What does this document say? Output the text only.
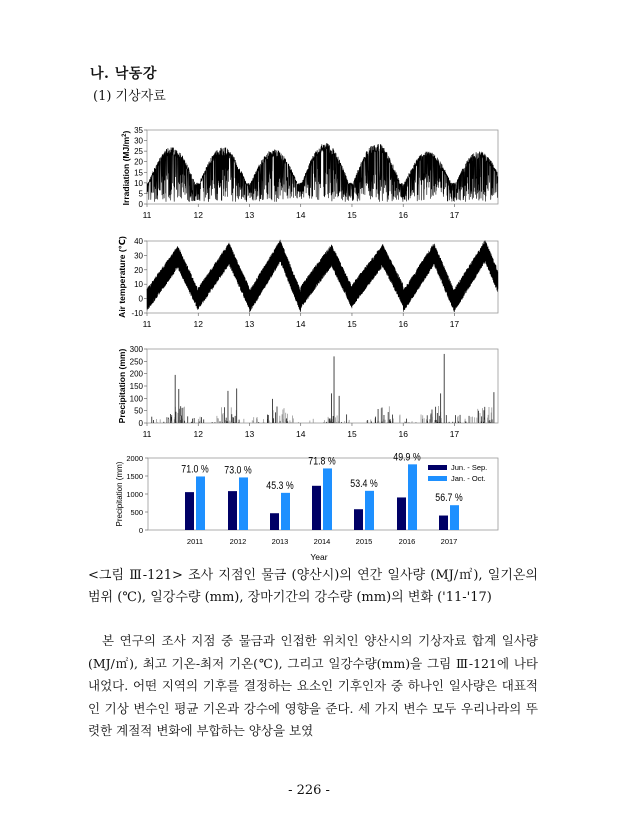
나. 낙동강
(1) 기상자료
0
5
10
15
20
25
30
35
11	12	13	14	15	16	17
Irradiation $(MJ/m^2)$
-10
0
10
20
30
40
11	12	13	14	15	16	17
Air temperature (℃)
0
50
100
150
200
250
300
11	12	13	14	15	16	17
Precipitation (mm)
71.0 % 73.0 %
45.3 %
71.8 %
53.4 %
49.9 %
56.7 %
0
500
1000
1500
2000
2011	2012	2013	2014	2015	2016	2017
Precipitation (mm)
Year
Jun. - Sep.
Jan. - Oct.
<그림 Ⅲ-121> 조사 지점인 물금 (양산시)의 연간 일사량 (MJ/㎡), 일기온의 범위 (℃), 일강수량 (mm), 장마기간의 강수량 (mm)의 변화 ('11-'17)

본 연구의 조사 지점 중 물금과 인접한 위치인 양산시의 기상자료 합계 일사량(MJ/㎡), 최고 기온-최저 기온(℃), 그리고 일강수량(mm)을 그림 Ⅲ-121에 나타내었다. 어떤 지역의 기후를 결정하는 요소인 기후인자 중 하나인 일사량은 대표적인 기상 변수인 평균 기온과 강수에 영향을 준다. 세 가지 변수 모두 우리나라의 뚜렷한 계절적 변화에 부합하는 양상을 보였

- 226 -
